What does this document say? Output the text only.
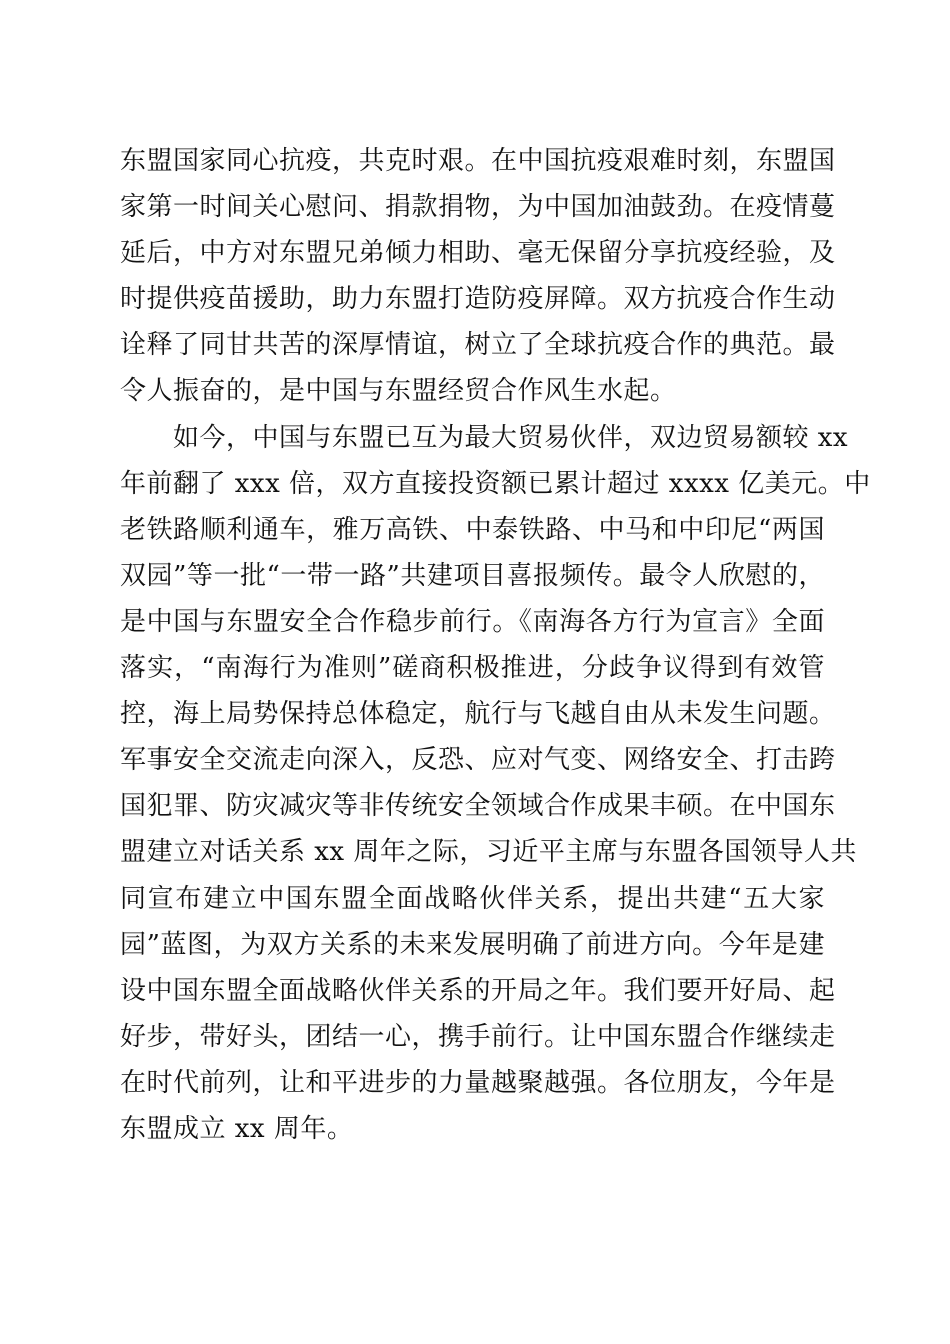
东盟国家同心抗疫，共克时艰。在中国抗疫艰难时刻，东盟国
家第一时间关心慰问、捐款捐物，为中国加油鼓劲。在疫情蔓
延后，中方对东盟兄弟倾力相助、毫无保留分享抗疫经验，及
时提供疫苗援助，助力东盟打造防疫屏障。双方抗疫合作生动
诠释了同甘共苦的深厚情谊，树立了全球抗疫合作的典范。最
令人振奋的，是中国与东盟经贸合作风生水起。
　　如今，中国与东盟已互为最大贸易伙伴，双边贸易额较 xx
年前翻了 xxx 倍，双方直接投资额已累计超过 xxxx 亿美元。中
老铁路顺利通车，雅万高铁、中泰铁路、中马和中印尼“两国
双园”等一批“一带一路”共建项目喜报频传。最令人欣慰的，
是中国与东盟安全合作稳步前行。《南海各方行为宣言》全面
落实，“南海行为准则”磋商积极推进，分歧争议得到有效管
控，海上局势保持总体稳定，航行与飞越自由从未发生问题。
军事安全交流走向深入，反恐、应对气变、网络安全、打击跨
国犯罪、防灾减灾等非传统安全领域合作成果丰硕。在中国东
盟建立对话关系 xx 周年之际，习近平主席与东盟各国领导人共
同宣布建立中国东盟全面战略伙伴关系，提出共建“五大家
园”蓝图，为双方关系的未来发展明确了前进方向。今年是建
设中国东盟全面战略伙伴关系的开局之年。我们要开好局、起
好步，带好头，团结一心，携手前行。让中国东盟合作继续走
在时代前列，让和平进步的力量越聚越强。各位朋友，今年是
东盟成立 xx 周年。
